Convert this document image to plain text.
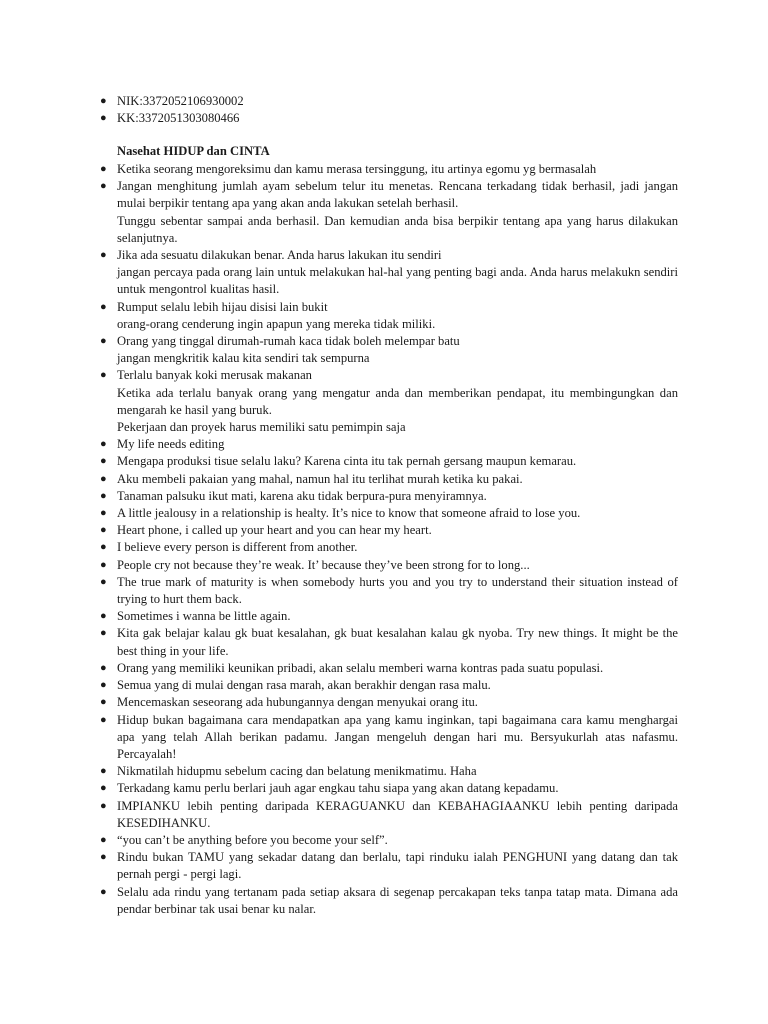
● NIK:3372052106930002
● KK:3372051303080466
Nasehat HIDUP dan CINTA
● Ketika seorang mengoreksimu dan kamu merasa tersinggung, itu artinya egomu yg bermasalah
● Jangan menghitung jumlah ayam sebelum telur itu menetas. Rencana terkadang tidak berhasil, jadi jangan mulai berpikir tentang apa yang akan anda lakukan setelah berhasil.
Tunggu sebentar sampai anda berhasil. Dan kemudian anda bisa berpikir tentang apa yang harus dilakukan selanjutnya.
● Jika ada sesuatu dilakukan benar. Anda harus lakukan itu sendiri
jangan percaya pada orang lain untuk melakukan hal-hal yang penting bagi anda. Anda harus melakukn sendiri untuk mengontrol kualitas hasil.
● Rumput selalu lebih hijau disisi lain bukit
orang-orang cenderung ingin apapun yang mereka tidak miliki.
● Orang yang tinggal dirumah-rumah kaca tidak boleh melempar batu
jangan mengkritik kalau kita sendiri tak sempurna
● Terlalu banyak koki merusak makanan
Ketika ada terlalu banyak orang yang mengatur anda dan memberikan pendapat, itu membingungkan dan mengarah ke hasil yang buruk.
Pekerjaan dan proyek harus memiliki satu pemimpin saja
● My life needs editing
● Mengapa produksi tisue selalu laku? Karena cinta itu tak pernah gersang maupun kemarau.
● Aku membeli pakaian yang mahal, namun hal itu terlihat murah ketika ku pakai.
● Tanaman palsuku ikut mati, karena aku tidak berpura-pura menyiramnya.
● A little jealousy in a relationship is healty. It’s nice to know that someone afraid to lose you.
● Heart phone, i called up your heart and you can hear my heart.
● I believe every person is different from another.
● People cry not because they’re weak. It’ because they’ve been strong for to long...
● The true mark of maturity is when somebody hurts you and you try to understand their situation instead of trying to hurt them back.
● Sometimes i wanna be little again.
● Kita gak belajar kalau gk buat kesalahan, gk buat kesalahan kalau gk nyoba. Try new things. It might be the best thing in your life.
● Orang yang memiliki keunikan pribadi, akan selalu memberi warna kontras pada suatu populasi.
● Semua yang di mulai dengan rasa marah, akan berakhir dengan rasa malu.
● Mencemaskan seseorang ada hubungannya dengan menyukai orang itu.
● Hidup bukan bagaimana cara mendapatkan apa yang kamu inginkan, tapi bagaimana cara kamu menghargai apa yang telah Allah berikan padamu. Jangan mengeluh dengan hari mu. Bersyukurlah atas nafasmu. Percayalah!
● Nikmatilah hidupmu sebelum cacing dan belatung menikmatimu. Haha
● Terkadang kamu perlu berlari jauh agar engkau tahu siapa yang akan datang kepadamu.
● IMPIANKU lebih penting daripada KERAGUANKU dan KEBAHAGIAANKU lebih penting daripada KESEDIHANKU.
● “you can’t be anything before you become your self”.
● Rindu bukan TAMU yang sekadar datang dan berlalu, tapi rinduku ialah PENGHUNI yang datang dan tak pernah pergi - pergi lagi.
● Selalu ada rindu yang tertanam pada setiap aksara di segenap percakapan teks tanpa tatap mata. Dimana ada pendar berbinar tak usai benar ku nalar.
